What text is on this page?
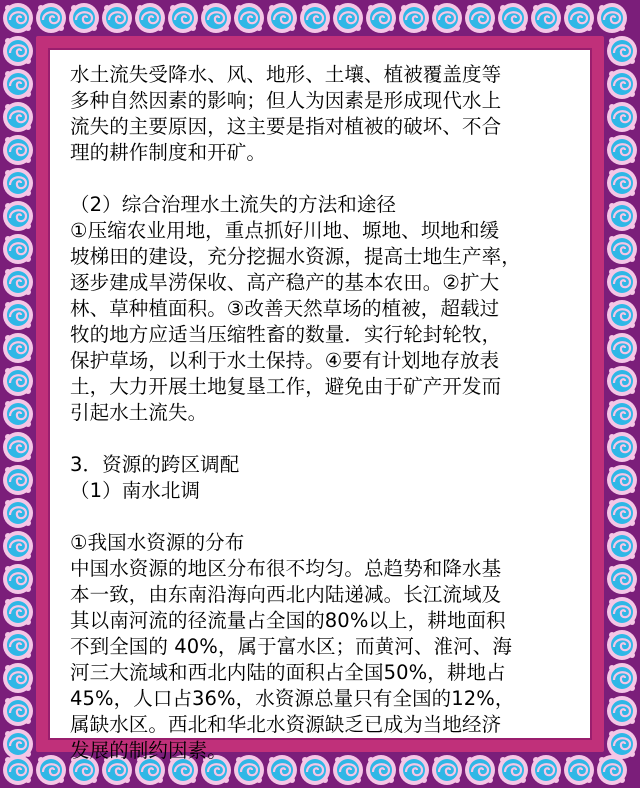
水土流失受降水、风、地形、土壤、植被覆盖度等

多种自然因素的影响；但人为因素是形成现代水上

流失的主要原因，这主要是指对植被的破坏、不合

理的耕作制度和开矿。

（2）综合治理水土流失的方法和途径

①压缩农业用地，重点抓好川地、塬地、坝地和缓

坡梯田的建设，充分挖掘水资源，提高士地生产率，

逐步建成旱涝保收、高产稳产的基本农田。②扩大

林、草种植面积。③改善天然草场的植被，超载过

牧的地方应适当压缩牲畜的数量．实行轮封轮牧，

保护草场，以利于水土保持。④要有计划地存放表

土，大力开展土地复垦工作，避免由于矿产开发而

引起水土流失。

3．资源的跨区调配

（1）南水北调

①我国水资源的分布

中国水资源的地区分布很不均匀。总趋势和降水基

本一致，由东南沿海向西北内陆递减。长江流域及

其以南河流的径流量占全国的80%以上，耕地面积

不到全国的 40%，属于富水区；而黄河、淮河、海

河三大流域和西北内陆的面积占全国50%，耕地占

45%，人口占36%，水资源总量只有全国的12%，

属缺水区。西北和华北水资源缺乏已成为当地经济

发展的制约因素。
